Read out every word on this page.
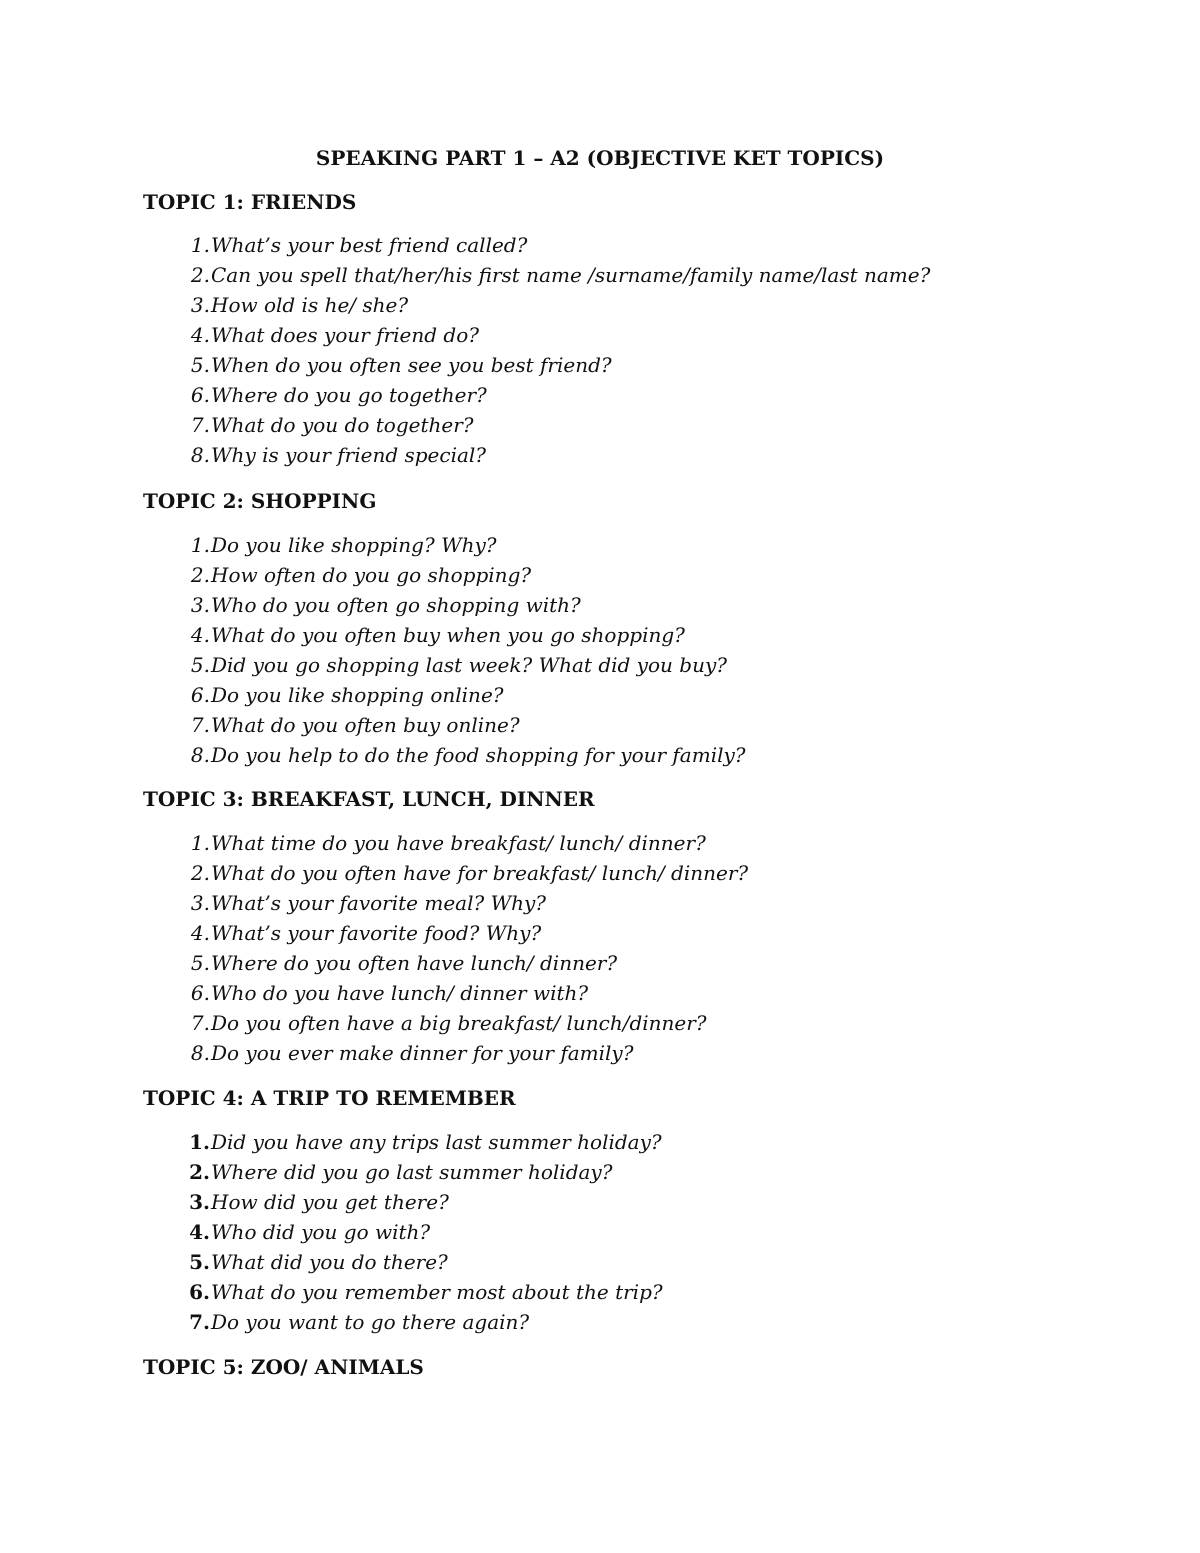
SPEAKING PART 1 – A2 (OBJECTIVE KET TOPICS)
TOPIC 1: FRIENDS
1. What’s your best friend called?
2. Can you spell that/her/his first name /surname/family name/last name?
3. How old is he/ she?
4. What does your friend do?
5. When do you often see you best friend?
6. Where do you go together?
7. What do you do together?
8. Why is your friend special?
TOPIC 2: SHOPPING
1. Do you like shopping? Why?
2. How often do you go shopping?
3. Who do you often go shopping with?
4. What do you often buy when you go shopping?
5. Did you go shopping last week? What did you buy?
6. Do you like shopping online?
7. What do you often buy online?
8. Do you help to do the food shopping for your family?
TOPIC 3: BREAKFAST, LUNCH, DINNER
1. What time do you have breakfast/ lunch/ dinner?
2. What do you often have for breakfast/ lunch/ dinner?
3. What’s your favorite meal? Why?
4. What’s your favorite food? Why?
5. Where do you often have lunch/ dinner?
6. Who do you have lunch/ dinner with?
7. Do you often have a big breakfast/ lunch/dinner?
8. Do you ever make dinner for your family?
TOPIC 4: A TRIP TO REMEMBER
1. Did you have any trips last summer holiday?
2. Where did you go last summer holiday?
3. How did you get there?
4. Who did you go with?
5. What did you do there?
6. What do you remember most about the trip?
7. Do you want to go there again?
TOPIC 5: ZOO/ ANIMALS
